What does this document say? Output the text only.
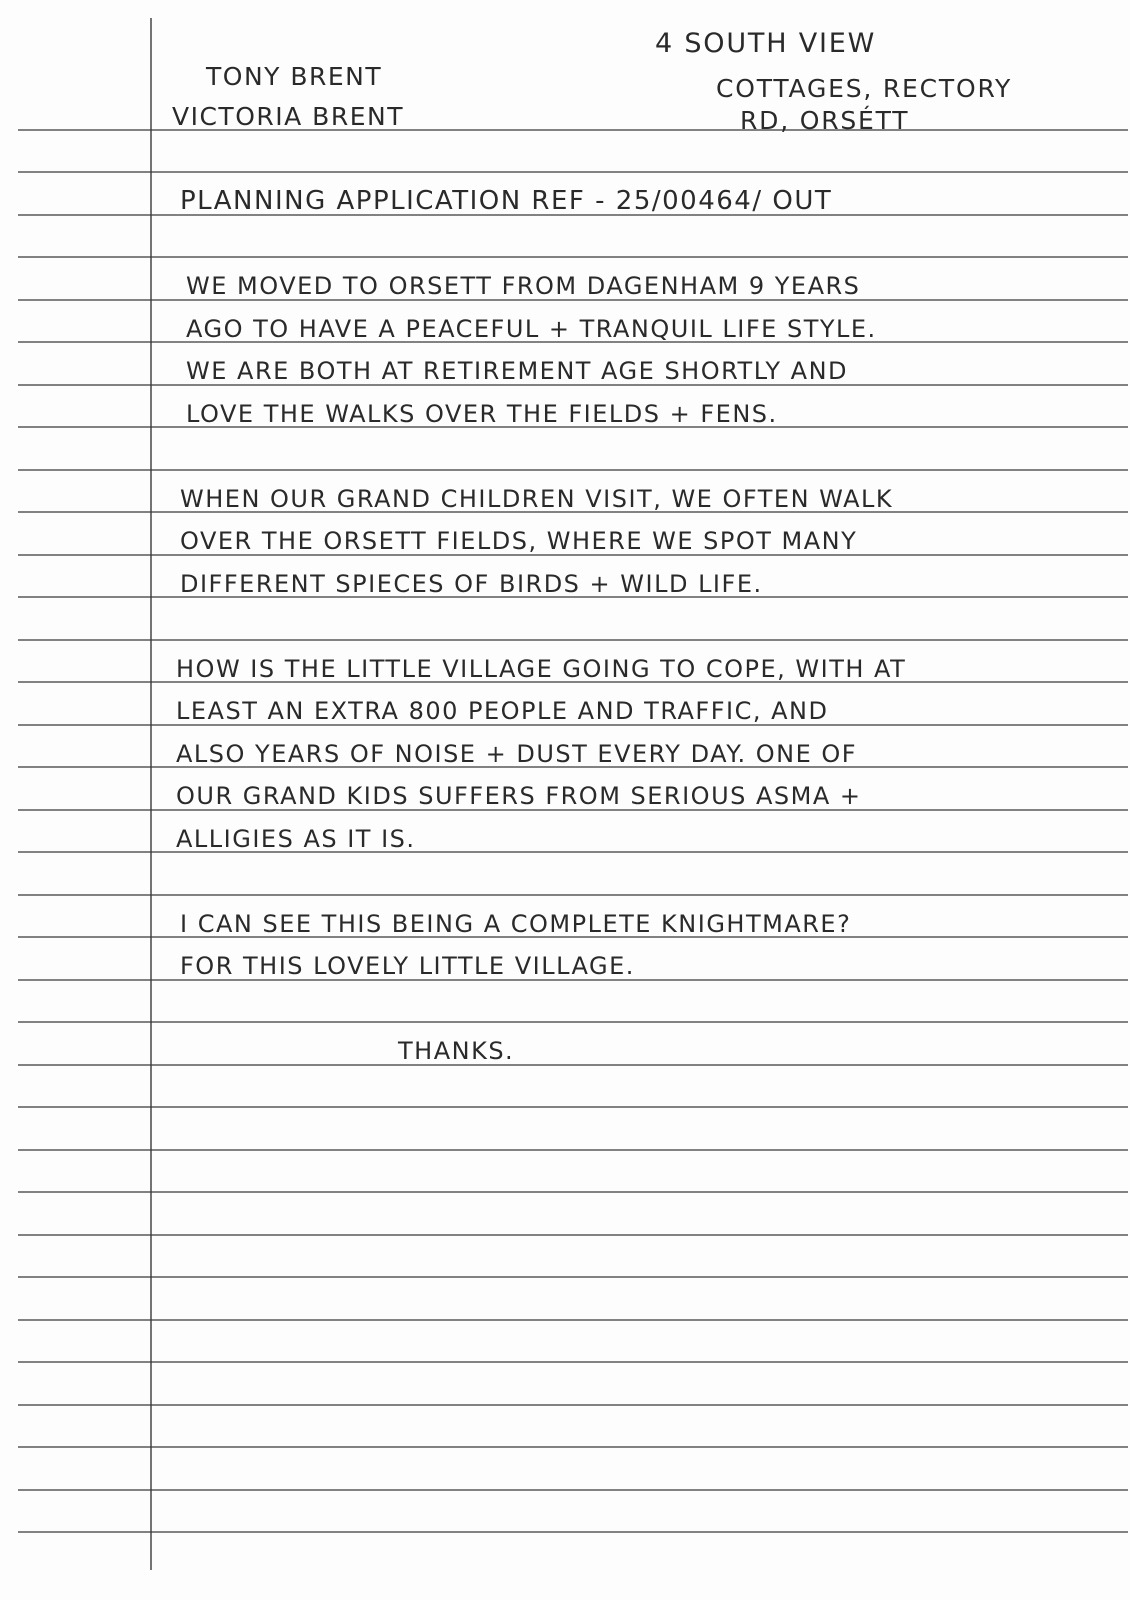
TONY BRENT
VICTORIA BRENT
4 SOUTH VIEW
COTTAGES, RECTORY
RD, ORSÉTT
PLANNING APPLICATION REF - 25/00464/ OUT
WE MOVED TO ORSETT FROM DAGENHAM 9 YEARS
AGO TO HAVE A PEACEFUL + TRANQUIL LIFE STYLE.
WE ARE BOTH AT RETIREMENT AGE SHORTLY AND
LOVE THE WALKS OVER THE FIELDS + FENS.
WHEN OUR GRAND CHILDREN VISIT, WE OFTEN WALK
OVER THE ORSETT FIELDS, WHERE WE SPOT MANY
DIFFERENT SPIECES OF BIRDS + WILD LIFE.
HOW IS THE LITTLE VILLAGE GOING TO COPE, WITH AT
LEAST AN EXTRA 800 PEOPLE AND TRAFFIC, AND
ALSO YEARS OF NOISE + DUST EVERY DAY. ONE OF
OUR GRAND KIDS SUFFERS FROM SERIOUS ASMA +
ALLIGIES AS IT IS.
I CAN SEE THIS BEING A COMPLETE KNIGHTMARE?
FOR THIS LOVELY LITTLE VILLAGE.
THANKS.
